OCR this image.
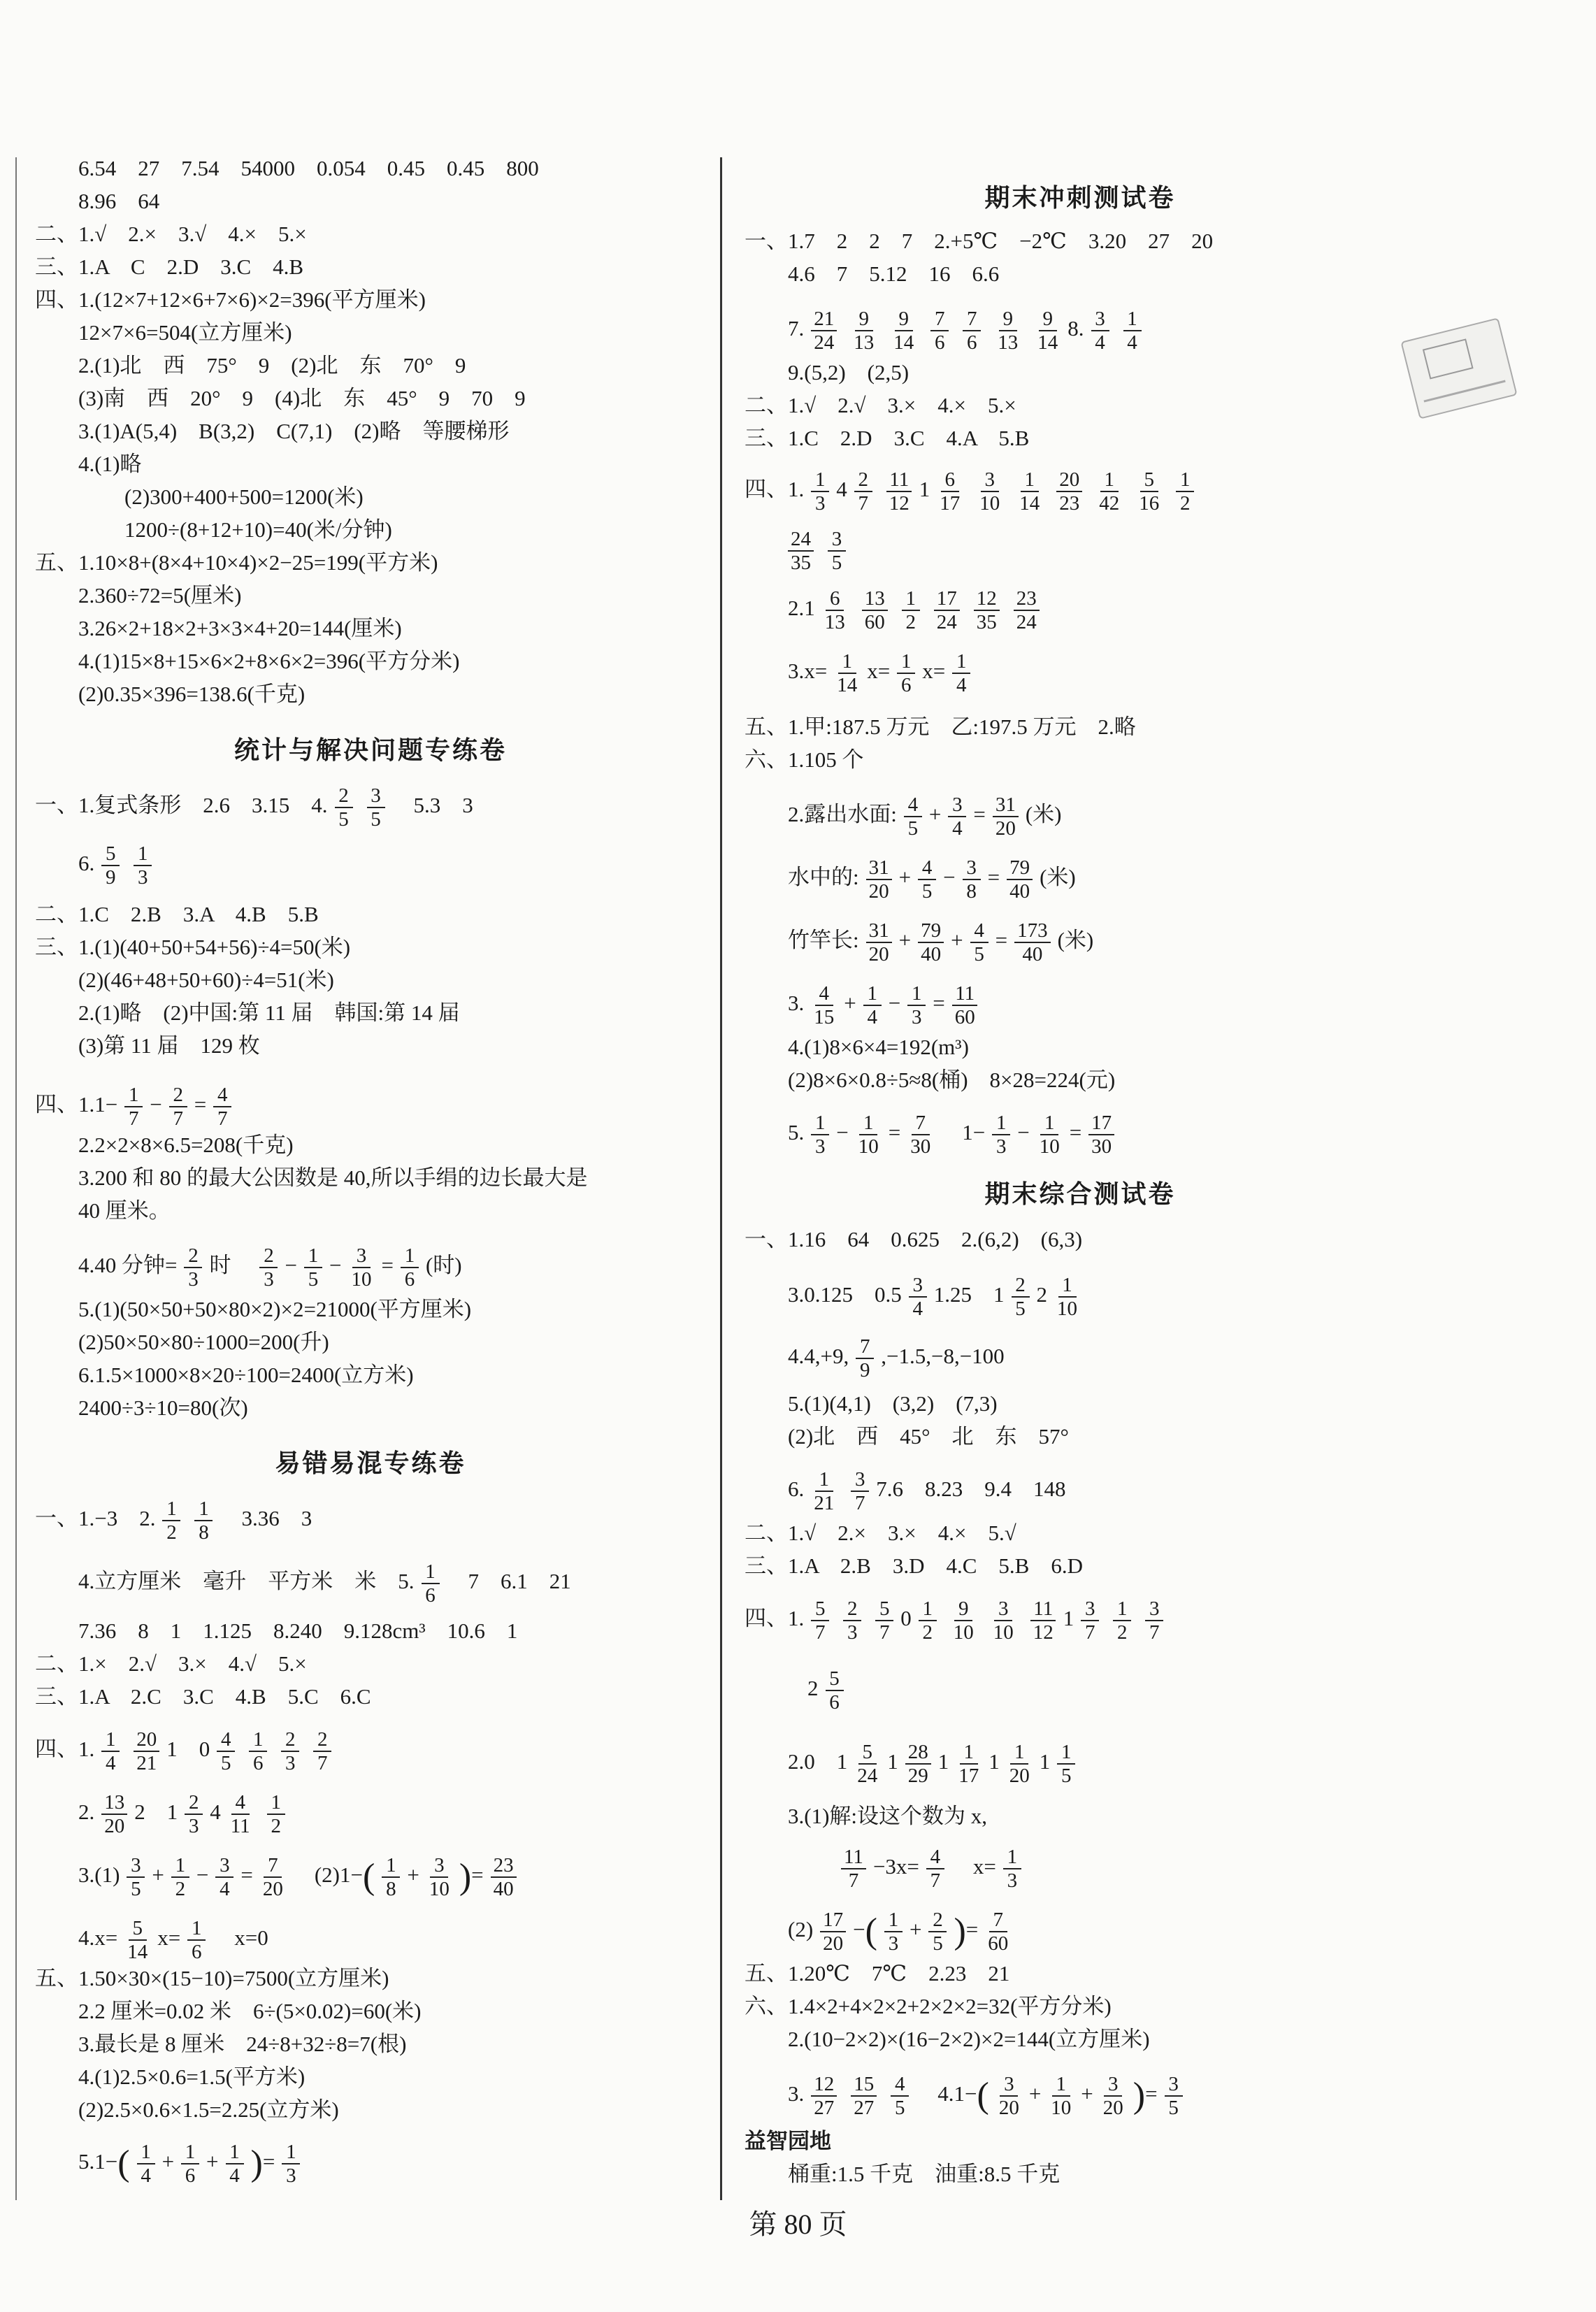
6.54　27　7.54　54000　0.054　0.45　0.45　800
8.96　64
二、1.√　2.×　3.√　4.×　5.×
三、1.A　C　2.D　3.C　4.B
四、1.(12×7+12×6+7×6)×2=396(平方厘米)
12×7×6=504(立方厘米)
2.(1)北　西　75°　9　(2)北　东　70°　9
(3)南　西　20°　9　(4)北　东　45°　9　70　9
3.(1)A(5,4)　B(3,2)　C(7,1)　(2)略　等腰梯形
4.(1)略
(2)300+400+500=1200(米)
1200÷(8+12+10)=40(米/分钟)
五、1.10×8+(8×4+10×4)×2−25=199(平方米)
2.360÷72=5(厘米)
3.26×2+18×2+3×3×4+20=144(厘米)
4.(1)15×8+15×6×2+8×6×2=396(平方分米)
(2)0.35×396=138.6(千克)
统计与解决问题专练卷
一、1.复式条形　2.6　3.15　4. $\frac{2}{5} \frac{3}{5}$
　 5.3　3
6. $\frac{5}{9} \frac{1}{3}$
二、1.C　2.B　3.A　4.B　5.B
三、1.(1)(40+50+54+56)÷4=50(米)
(2)(46+48+50+60)÷4=51(米)
2.(1)略　(2)中国:第 11 届　韩国:第 14 届
(3)第 11 届　129 枚
四、$1.1- \frac{1}{7} - \frac{2}{7} = \frac{4}{7}$
2.2×2×8×6.5=208(千克)
3.200 和 80 的最大公因数是 40,所以手绢的边长最大是
40 厘米。
4.40 分钟= $\frac{2}{3}$ 时　 $\frac{2}{3} - \frac{1}{5} - \frac{3}{10} = \frac{1}{6}$ (时)
5.(1)(50×50+50×80×2)×2=21000(平方厘米)
(2)50×50×80÷1000=200(升)
6.1.5×1000×8×20÷100=2400(立方米)
2400÷3÷10=80(次)
易错易混专练卷
一、1.−3　2. $\frac{1}{2} \frac{1}{8}$
　 3.36　3
4.立方厘米　毫升　平方米　米　5. $\frac{1}{6}$
　 7　6.1　21
7.36　8　1　1.125　8.240　9.128cm³　10.6　1
二、1.×　2.√　3.×　4.√　5.×
三、1.A　2.C　3.C　4.B　5.C　6.C
四、1. $\frac{1}{4} \frac{20}{21} 1$　$0 \frac{4}{5} \frac{1}{6} \frac{2}{3} \frac{2}{7}$
2. $\frac{13}{20} 2$　$1 \frac{2}{3} 4 \frac{4}{11} \frac{1}{2}$
$3.(1) \frac{3}{5} + \frac{1}{2} - \frac{3}{4} = \frac{7}{20}$
　 $(2)1-( \frac{1}{8} + \frac{3}{10}$ )= $\frac{23}{40}$
$4.x= \frac{5}{14} x= \frac{1}{6}$
　 x=0
五、1.50×30×(15−10)=7500(立方厘米)
2.2 厘米=0.02 米　6÷(5×0.02)=60(米)
3.最长是 8 厘米　24÷8+32÷8=7(根)
4.(1)2.5×0.6=1.5(平方米)
(2)2.5×0.6×1.5=2.25(立方米)
$5.1-( \frac{1}{4} + \frac{1}{6} + \frac{1}{4}$ )= $\frac{1}{3}$
期末冲刺测试卷
一、1.7　2　2　7　2.+5℃　−2℃　3.20　27　20
4.6　7　5.12　16　6.6
7. $\frac{21}{24} \frac{9}{13} \frac{9}{14} \frac{7}{6} \frac{7}{6} \frac{9}{13} \frac{9}{14} 8$. $\frac{3}{4} \frac{1}{4}$
9.(5,2)　(2,5)
二、1.√　2.√　3.×　4.×　5.×
三、1.C　2.D　3.C　4.A　5.B
四、1. $\frac{1}{3} 4 \frac{2}{7} \frac{11}{12} 1 \frac{6}{17} \frac{3}{10} \frac{1}{14} \frac{20}{23} \frac{1}{42} \frac{5}{16} \frac{1}{2}$
$\frac{24}{35} \frac{3}{5}$
$2.1 \frac{6}{13} \frac{13}{60} \frac{1}{2} \frac{17}{24} \frac{12}{35} \frac{23}{24}$
$3.x= \frac{1}{14} x= \frac{1}{6} x= \frac{1}{4}$
五、1.甲:187.5 万元　乙:197.5 万元　2.略
六、1.105 个
2.露出水面: $\frac{4}{5} + \frac{3}{4} = \frac{31}{20}$ (米)
水中的: $\frac{31}{20} + \frac{4}{5} - \frac{3}{8} = \frac{79}{40}$ (米)
竹竿长: $\frac{31}{20} + \frac{79}{40} + \frac{4}{5} = \frac{173}{40}$ (米)
3. $\frac{4}{15} + \frac{1}{4} - \frac{1}{3} = \frac{11}{60}$
4.(1)8×6×4=192(m³)
(2)8×6×0.8÷5≈8(桶)　8×28=224(元)
5. $\frac{1}{3} - \frac{1}{10} = \frac{7}{30}$ 　$1- \frac{1}{3} - \frac{1}{10} = \frac{17}{30}$
期末综合测试卷
一、1.16　64　0.625　2.(6,2)　(6,3)
3.0.125　$0.5 \frac{3}{4} 1.25$　$1 \frac{2}{5} 2 \frac{1}{10}$
4.4,+9, $\frac{7}{9} ,-1.5,-8,-100$
5.(1)(4,1)　(3,2)　(7,3)
(2)北　西　45°　北　东　57°
6. $\frac{1}{21} \frac{3}{7} 7.6$　8.23　9.4　148
二、1.√　2.×　3.×　4.×　5.√
三、1.A　2.B　3.D　4.C　5.B　6.D
四、1. $\frac{5}{7} \frac{2}{3} \frac{5}{7} 0 \frac{1}{2} \frac{9}{10} \frac{3}{10} \frac{11}{12} 1 \frac{3}{7} \frac{1}{2} \frac{3}{7}$
$2 \frac{5}{6}$
2.0　$1 \frac{5}{24} 1 \frac{28}{29} 1 \frac{1}{17} 1 \frac{1}{20} 1 \frac{1}{5}$
3.(1)解:设这个数为 x,
$\frac{11}{7} -3x= \frac{4}{7}$
　 $x= \frac{1}{3}$
$(2) \frac{17}{20}$ −( $\frac{1}{3} + \frac{2}{5}$ )= $\frac{7}{60}$
五、1.20℃　7℃　2.23　21
六、1.4×2+4×2×2+2×2×2=32(平方分米)
2.(10−2×2)×(16−2×2)×2=144(立方厘米)
3. $\frac{12}{27} \frac{15}{27} \frac{4}{5}$
　 $4.1-( \frac{3}{20} + \frac{1}{10} + \frac{3}{20}$ )= $\frac{3}{5}$
益智园地
桶重:1.5 千克　油重:8.5 千克
第 80 页
